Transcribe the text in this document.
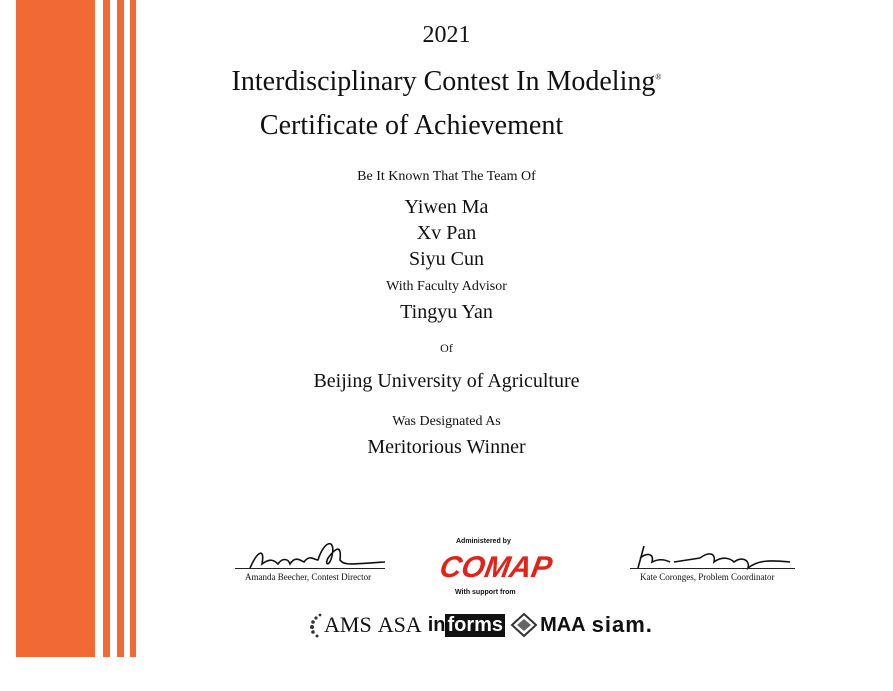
2021
Interdisciplinary Contest In Modeling®
Certificate of Achievement
Be It Known That The Team Of
Yiwen Ma
Xv Pan
Siyu Cun
With Faculty Advisor
Tingyu Yan
Of
Beijing University of Agriculture
Was Designated As
Meritorious Winner
Amanda Beecher, Contest Director
Administered by
COMAP
With support from
Kate Coronges, Problem Coordinator
AMS ASA in forms MAA siam.
